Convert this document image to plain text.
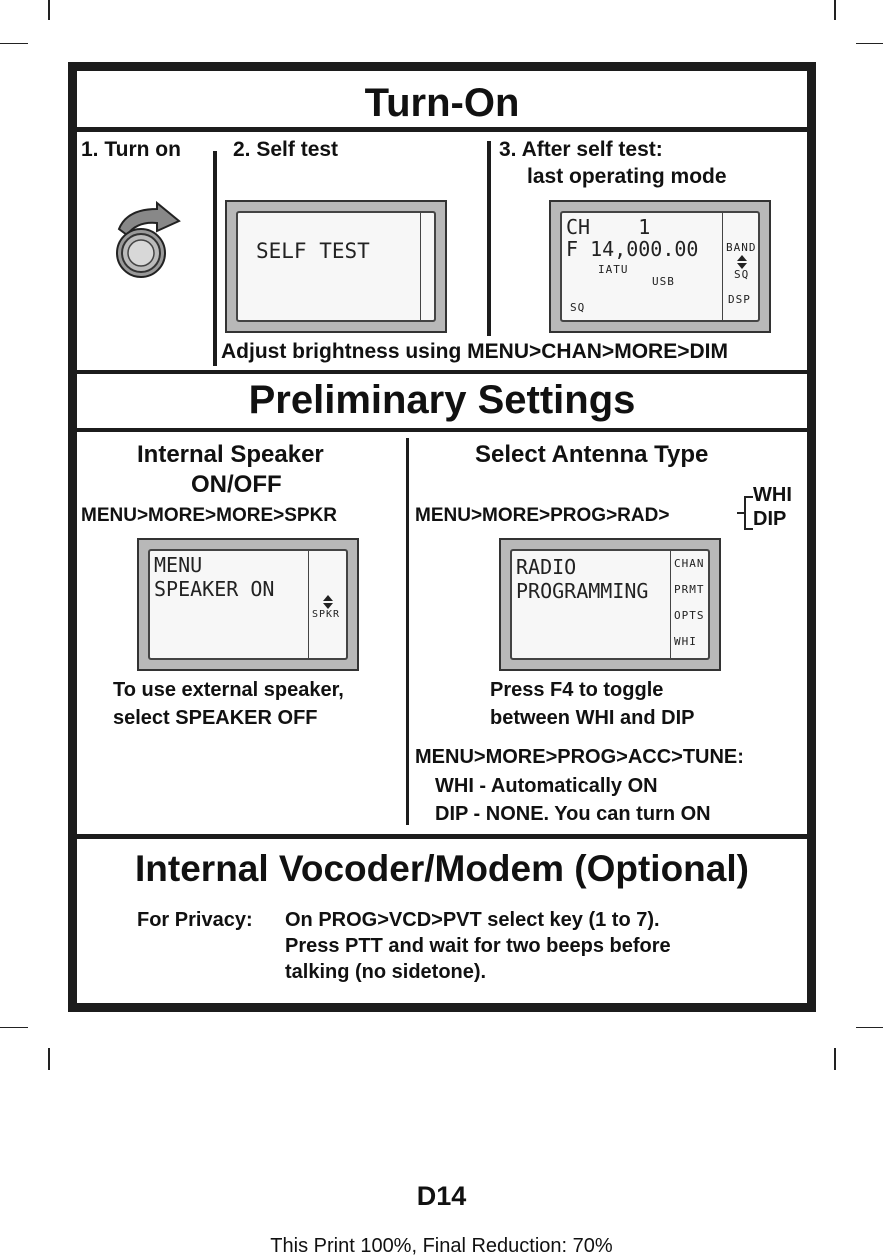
Turn-On
1. Turn on 2. Self test	3. After self test:
last operating mode
SELF TEST
CH    1
F 14,000.00
IATU
USB
SQ
BAND
SQ
DSP
Adjust brightness using MENU>CHAN>MORE>DIM
Preliminary Settings
Internal Speaker
ON/OFF
MENU>MORE>MORE>SPKR
MENU
SPEAKER ON
SPKR
To use external speaker,
select SPEAKER OFF
Select Antenna Type
MENU>MORE>PROG>RAD>
WHI
DIP
RADIO
PROGRAMMING
CHAN
PRMT
OPTS
WHI
Press F4 to toggle
between WHI and DIP
MENU>MORE>PROG>ACC>TUNE:
WHI - Automatically ON
DIP - NONE. You can turn ON
Internal Vocoder/Modem (Optional)
For Privacy: On PROG>VCD>PVT select key (1 to 7).
Press PTT and wait for two beeps before
talking (no sidetone).
D14
This Print 100%, Final Reduction: 70%
